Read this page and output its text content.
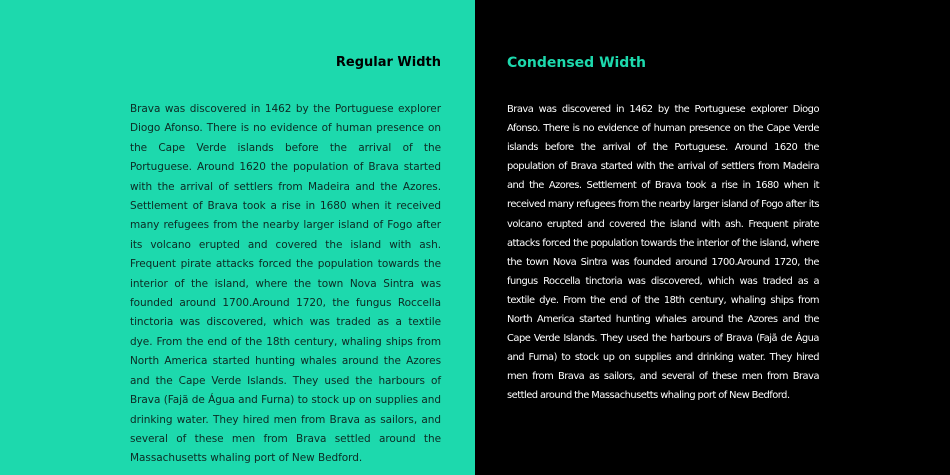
Regular Width

Brava was discovered in 1462 by the Portuguese explorer Diogo Afonso. There is no evidence of human presence on the Cape Verde islands before the arrival of the Portuguese. Around 1620 the population of Brava started with the arrival of settlers from Madeira and the Azores. Settlement of Brava took a rise in 1680 when it received many refugees from the nearby larger island of Fogo after its volcano erupted and covered the island with ash. Frequent pirate attacks forced the population towards the interior of the island, where the town Nova Sintra was founded around 1700.Around 1720, the fungus Roccella tinctoria was discovered, which was traded as a textile dye. From the end of the 18th century, whaling ships from North America started hunting whales around the Azores and the Cape Verde Islands. They used the harbours of Brava (Fajã de Água and Furna) to stock up on supplies and drinking water. They hired men from Brava as sailors, and several of these men from Brava settled around the Massachusetts whaling port of New Bedford.

Condensed Width

Brava was discovered in 1462 by the Portuguese explorer Diogo Afonso. There is no evidence of human presence on the Cape Verde islands before the arrival of the Portuguese. Around 1620 the population of Brava started with the arrival of settlers from Madeira and the Azores. Settlement of Brava took a rise in 1680 when it received many refugees from the nearby larger island of Fogo after its volcano erupted and covered the island with ash. Frequent pirate attacks forced the population towards the interior of the island, where the town Nova Sintra was founded around 1700.Around 1720, the fungus Roccella tinctoria was discovered, which was traded as a textile dye. From the end of the 18th century, whaling ships from North America started hunting whales around the Azores and the Cape Verde Islands. They used the harbours of Brava (Fajã de Água and Furna) to stock up on supplies and drinking water. They hired men from Brava as sailors, and several of these men from Brava settled around the Massachusetts whaling port of New Bedford.
